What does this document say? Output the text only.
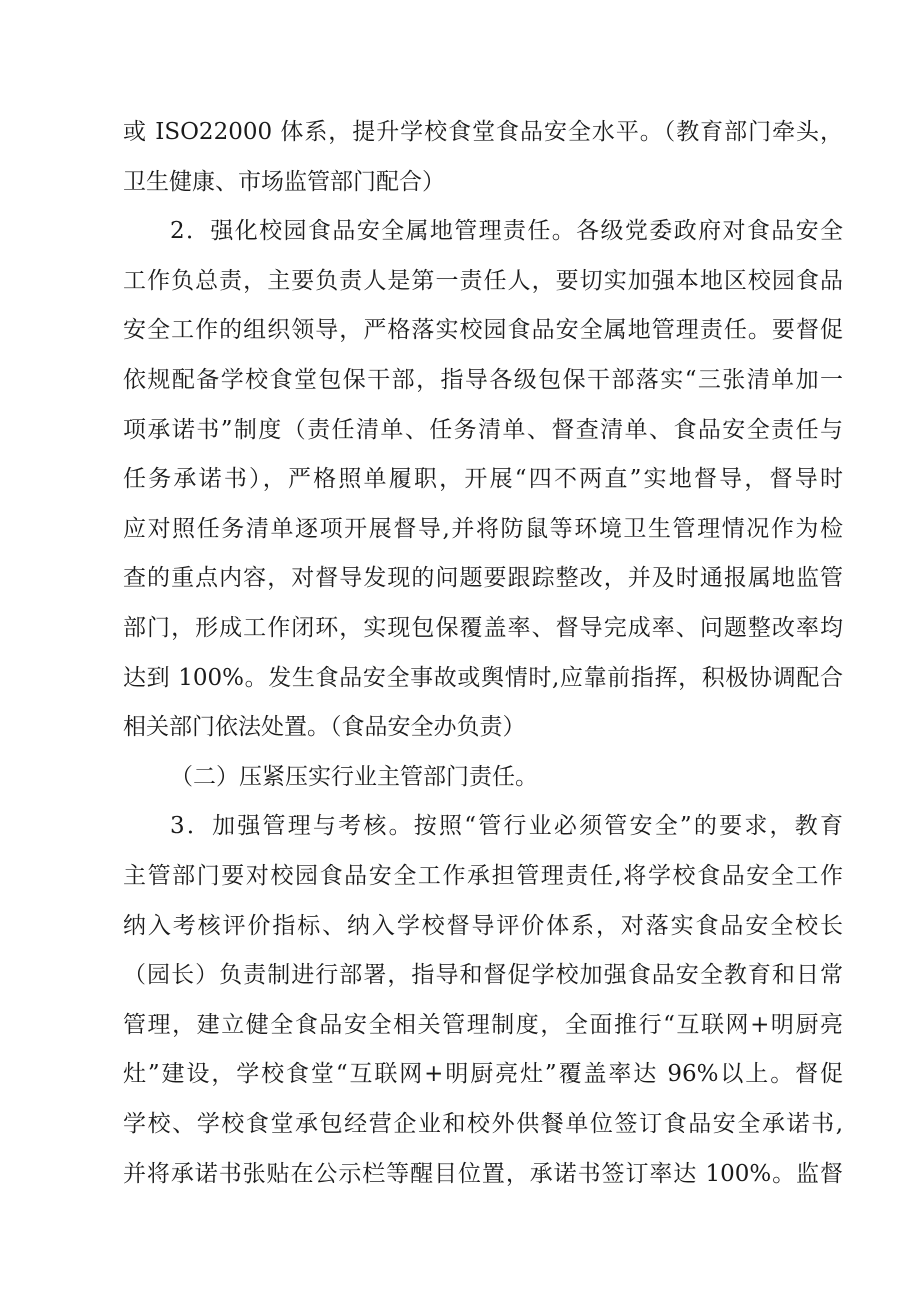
或 ISO22000 体系，提升学校食堂食品安全水平。（教育部门牵头，
卫生健康、市场监管部门配合）
2．强化校园食品安全属地管理责任。各级党委政府对食品安全
工作负总责，主要负责人是第一责任人，要切实加强本地区校园食品
安全工作的组织领导，严格落实校园食品安全属地管理责任。要督促
依规配备学校食堂包保干部，指导各级包保干部落实“三张清单加一
项承诺书”制度（责任清单、任务清单、督查清单、食品安全责任与
任务承诺书），严格照单履职，开展“四不两直”实地督导，督导时
应对照任务清单逐项开展督导,并将防鼠等环境卫生管理情况作为检
查的重点内容，对督导发现的问题要跟踪整改，并及时通报属地监管
部门，形成工作闭环，实现包保覆盖率、督导完成率、问题整改率均
达到 100%。发生食品安全事故或舆情时,应靠前指挥，积极协调配合
相关部门依法处置。（食品安全办负责）
（二）压紧压实行业主管部门责任。
3．加强管理与考核。按照“管行业必须管安全”的要求，教育
主管部门要对校园食品安全工作承担管理责任,将学校食品安全工作
纳入考核评价指标、纳入学校督导评价体系，对落实食品安全校长
（园长）负责制进行部署，指导和督促学校加强食品安全教育和日常
管理，建立健全食品安全相关管理制度，全面推行“互联网+明厨亮
灶”建设，学校食堂“互联网+明厨亮灶”覆盖率达 96%以上。督促
学校、学校食堂承包经营企业和校外供餐单位签订食品安全承诺书,
并将承诺书张贴在公示栏等醒目位置，承诺书签订率达 100%。监督
